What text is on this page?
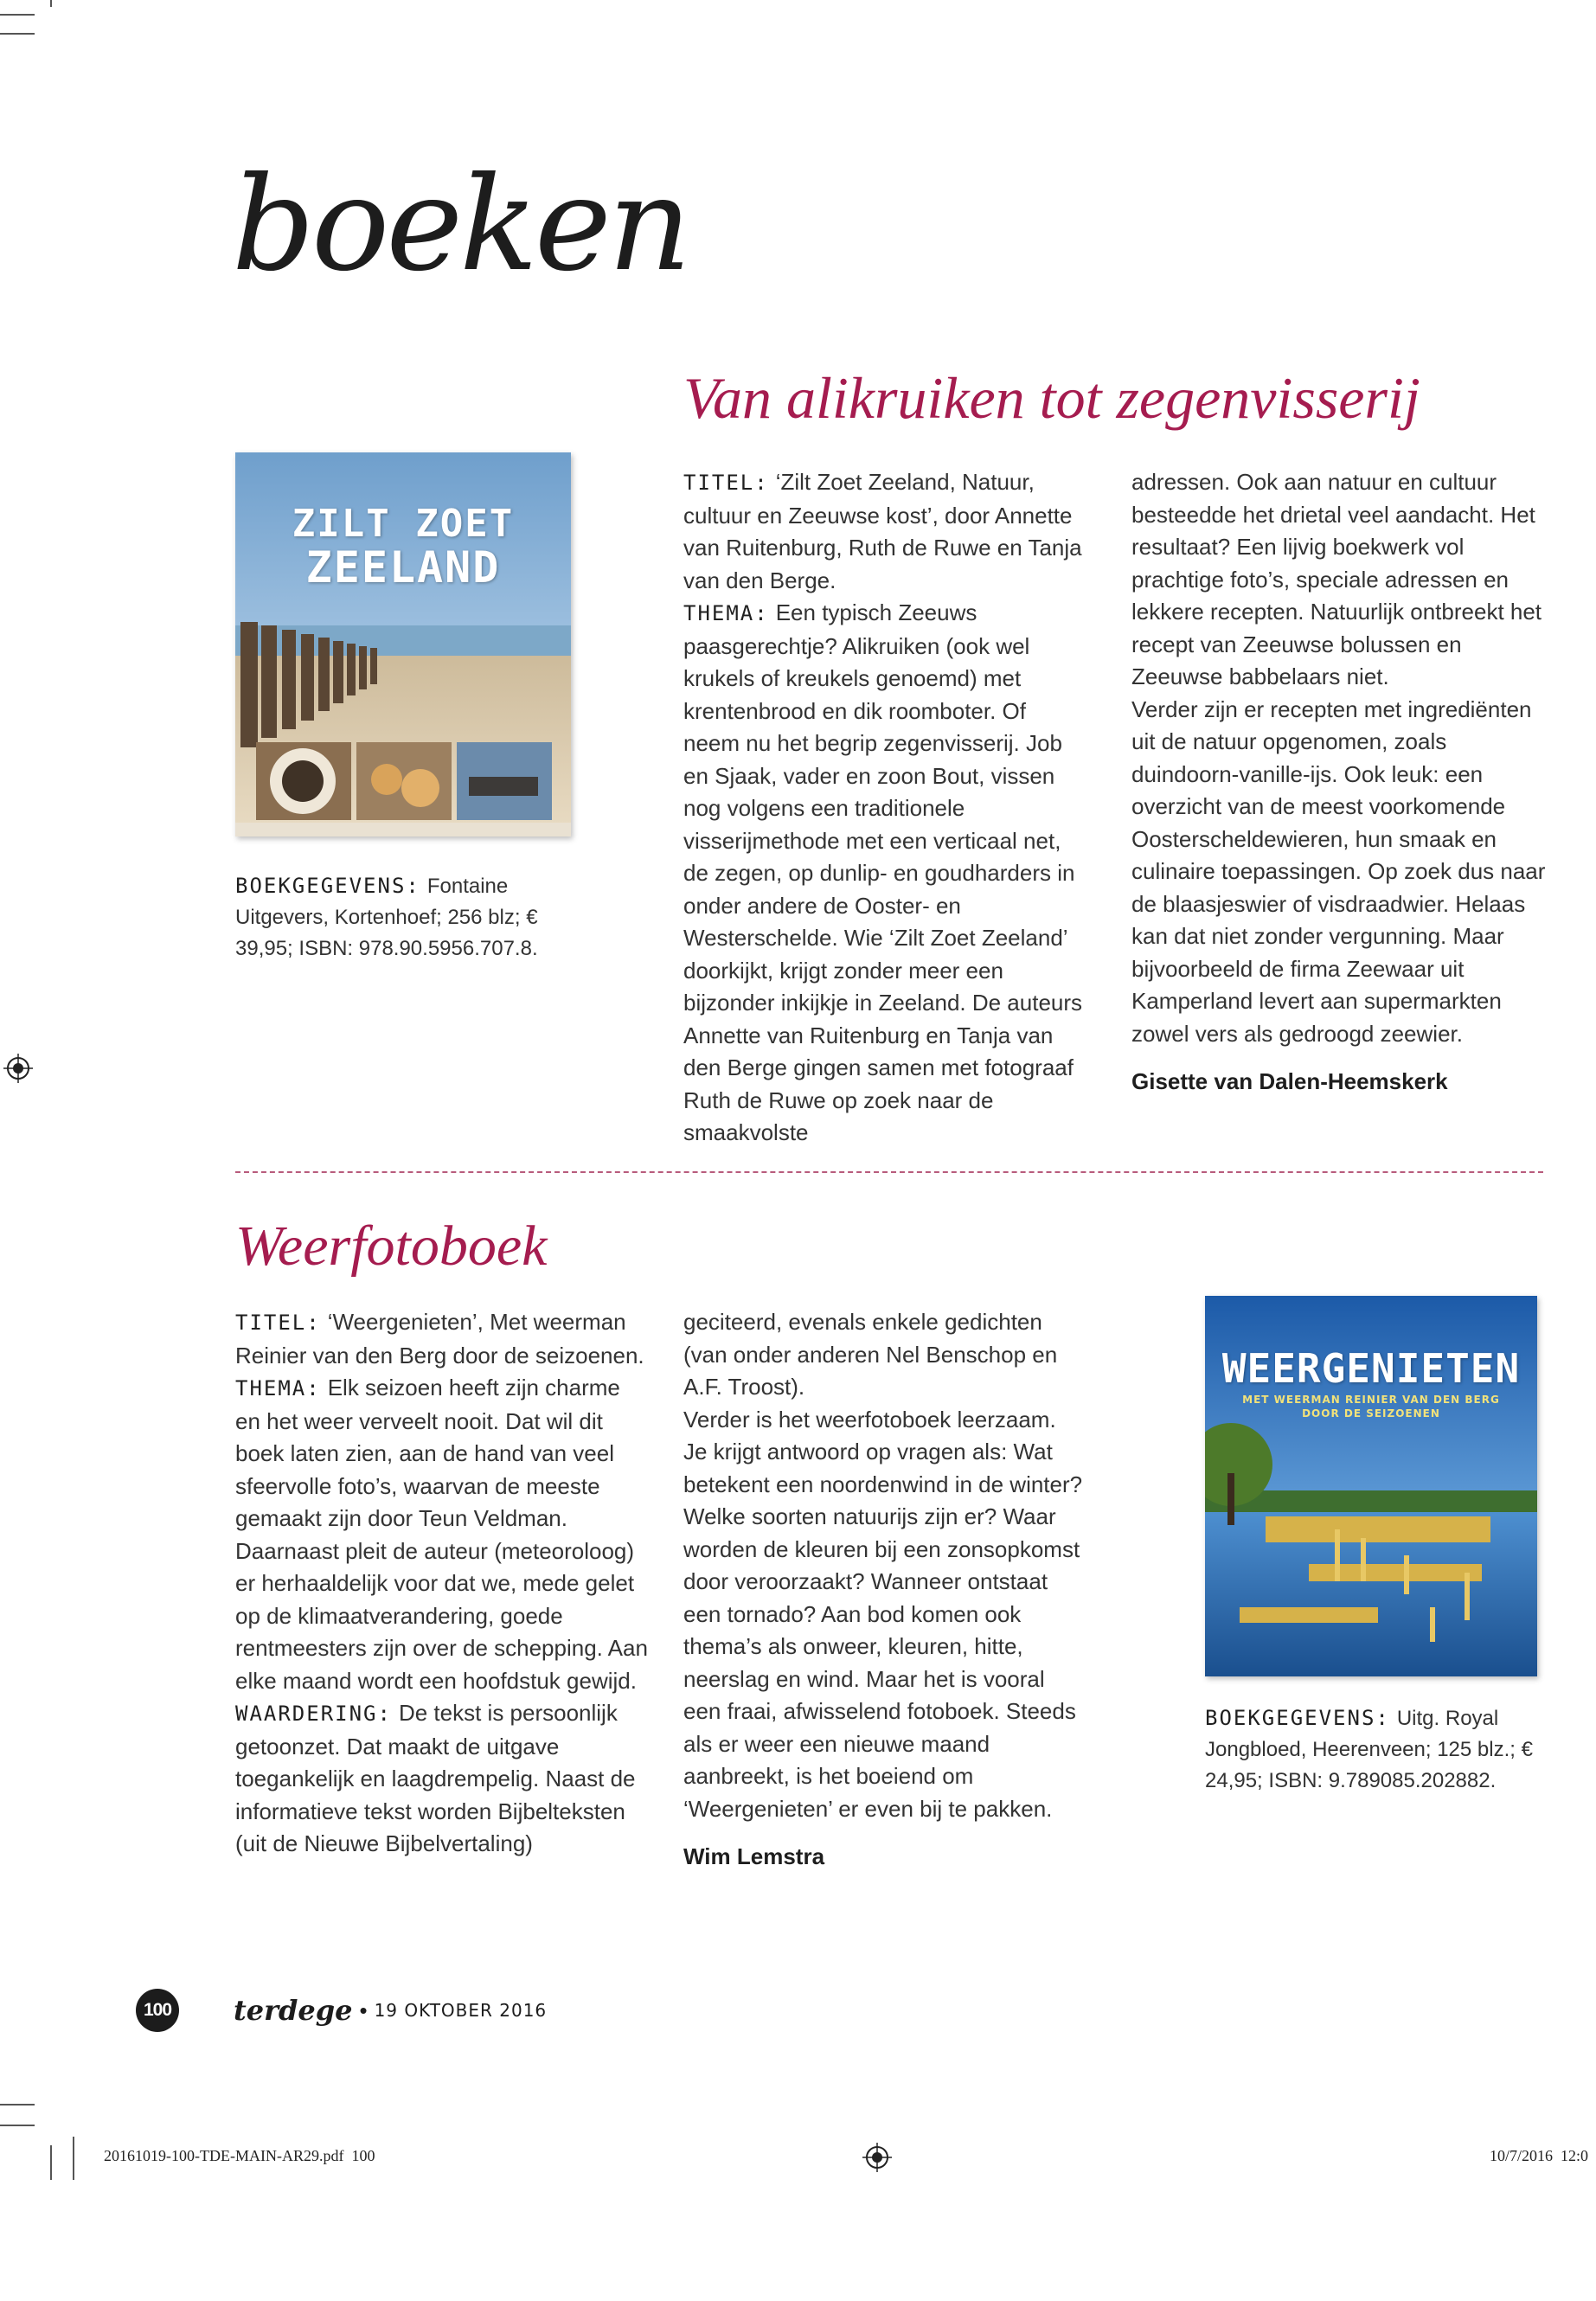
boeken
Van alikruiken tot zegenvisserij
ZILT ZOET
ZEELAND

BOEKGEGEVENS: Fontaine Uitgevers, Kortenhoef; 256 blz; € 39,95; ISBN: 978.90.5956.707.8.

TITEL: ‘Zilt Zoet Zeeland, Natuur, cultuur en Zeeuwse kost’, door Annette van Ruitenburg, Ruth de Ruwe en Tanja van den Berge.

THEMA: Een typisch Zeeuws paasgerechtje? Alikruiken (ook wel krukels of kreukels genoemd) met krentenbrood en dik roomboter. Of neem nu het begrip zegenvisserij. Job en Sjaak, vader en zoon Bout, vissen nog volgens een traditionele visserijmethode met een verticaal net, de zegen, op dunlip- en goudharders in onder andere de Ooster- en Westerschelde. Wie ‘Zilt Zoet Zeeland’ doorkijkt, krijgt zonder meer een bijzonder inkijkje in Zeeland. De auteurs Annette van Ruitenburg en Tanja van den Berge gingen samen met fotograaf Ruth de Ruwe op zoek naar de smaakvolste

adressen. Ook aan natuur en cultuur besteedde het drietal veel aandacht. Het resultaat? Een lijvig boekwerk vol prachtige foto’s, speciale adressen en lekkere recepten. Natuurlijk ontbreekt het recept van Zeeuwse bolussen en Zeeuwse babbelaars niet.

Verder zijn er recepten met ingrediënten uit de natuur opgenomen, zoals duindoorn-vanille-ijs. Ook leuk: een overzicht van de meest voorkomende Oosterscheldewieren, hun smaak en culinaire toepassingen. Op zoek dus naar de blaasjeswier of visdraadwier. Helaas kan dat niet zonder vergunning. Maar bijvoorbeeld de firma Zeewaar uit Kamperland levert aan supermarkten zowel vers als gedroogd zeewier.

Gisette van Dalen-Heemskerk

Weerfotoboek

TITEL: ‘Weergenieten’, Met weerman Reinier van den Berg door de seizoenen.

THEMA: Elk seizoen heeft zijn charme en het weer verveelt nooit. Dat wil dit boek laten zien, aan de hand van veel sfeervolle foto’s, waarvan de meeste gemaakt zijn door Teun Veldman. Daarnaast pleit de auteur (meteoroloog) er herhaaldelijk voor dat we, mede gelet op de klimaatverandering, goede rentmeesters zijn over de schepping. Aan elke maand wordt een hoofdstuk gewijd.

WAARDERING: De tekst is persoonlijk getoonzet. Dat maakt de uitgave toegankelijk en laagdrempelig. Naast de informatieve tekst worden Bijbelteksten (uit de Nieuwe Bijbelvertaling)

geciteerd, evenals enkele gedichten (van onder anderen Nel Benschop en A.F. Troost).

Verder is het weerfotoboek leerzaam. Je krijgt antwoord op vragen als: Wat betekent een noordenwind in de winter? Welke soorten natuurijs zijn er? Waar worden de kleuren bij een zonsopkomst door veroorzaakt? Wanneer ontstaat een tornado? Aan bod komen ook thema’s als onweer, kleuren, hitte, neerslag en wind. Maar het is vooral een fraai, afwisselend fotoboek. Steeds als er weer een nieuwe maand aanbreekt, is het boeiend om ‘Weergenieten’ er even bij te pakken.

Wim Lemstra

WEERGENIETEN
MET WEERMAN REINIER VAN DEN BERG
DOOR DE SEIZOENEN

BOEKGEGEVENS: Uitg. Royal Jongbloed, Heerenveen; 125 blz.; € 24,95; ISBN: 9.789085.202882.

100 terdege • 19 OKTOBER 2016
20161019-100-TDE-MAIN-AR29.pdf 100	10/7/2016  12:0
